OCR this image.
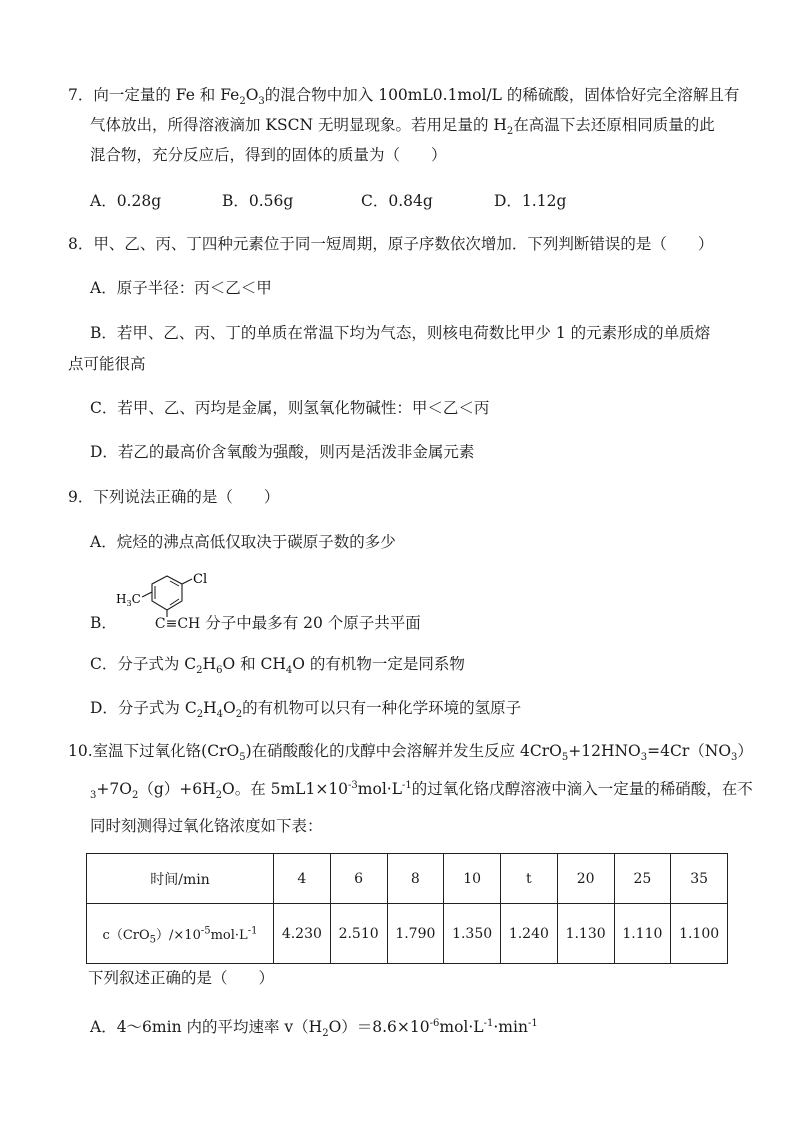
7．向一定量的 Fe 和 $Fe_2O_3$的混合物中加入 100mL0.1mol/L 的稀硫酸，固体恰好完全溶解且有
气体放出，所得溶液滴加 KSCN 无明显现象。若用足量的 $H_2$在高温下去还原相同质量的此
混合物，充分反应后，得到的固体的质量为（　　）
A．0.28g	B．0.56g	C．0.84g	D．1.12g
8．甲、乙、丙、丁四种元素位于同一短周期，原子序数依次增加．下列判断错误的是（　　）
A．原子半径：丙＜乙＜甲
B．若甲、乙、丙、丁的单质在常温下均为气态，则核电荷数比甲少 1 的元素形成的单质熔
点可能很高
C．若甲、乙、丙均是金属，则氢氧化物碱性：甲＜乙＜丙
D．若乙的最高价含氧酸为强酸，则丙是活泼非金属元素
9．下列说法正确的是（　　）
A．烷烃的沸点高低仅取决于碳原子数的多少
Cl
$H_3C$
B．	C≡CH 分子中最多有 20 个原子共平面
C．分子式为 $C_2H_6O$ 和 $CH_4O$ 的有机物一定是同系物
D．分子式为 $C_2H_4O_2$的有机物可以只有一种化学环境的氢原子
10.室温下过氧化铬(CrO$_5$)在硝酸酸化的戊醇中会溶解并发生反应 $4CrO_5+12HNO_3=4Cr(NO_3)$
$_3+7O_2(g)+6H_2O$。在 $5mL1\times 10^{-3}mol\cdot L^{-1}$的过氧化铬戊醇溶液中滴入一定量的稀硝酸，在不
同时刻测得过氧化铬浓度如下表：
时间/min	4	6	8	10	t	20	25	35
$c(CrO_5)/\times 10^{-5}mol\cdot L^{-1}$	4.230	2.510	1.790	1.350	1.240	1.130	1.110	1.100
下列叙述正确的是（　　）
A．4～6min 内的平均速率 $v(H_2O)=8.6\times 10^{-6}mol\cdot L^{-1}\cdot\min^{-1}$
